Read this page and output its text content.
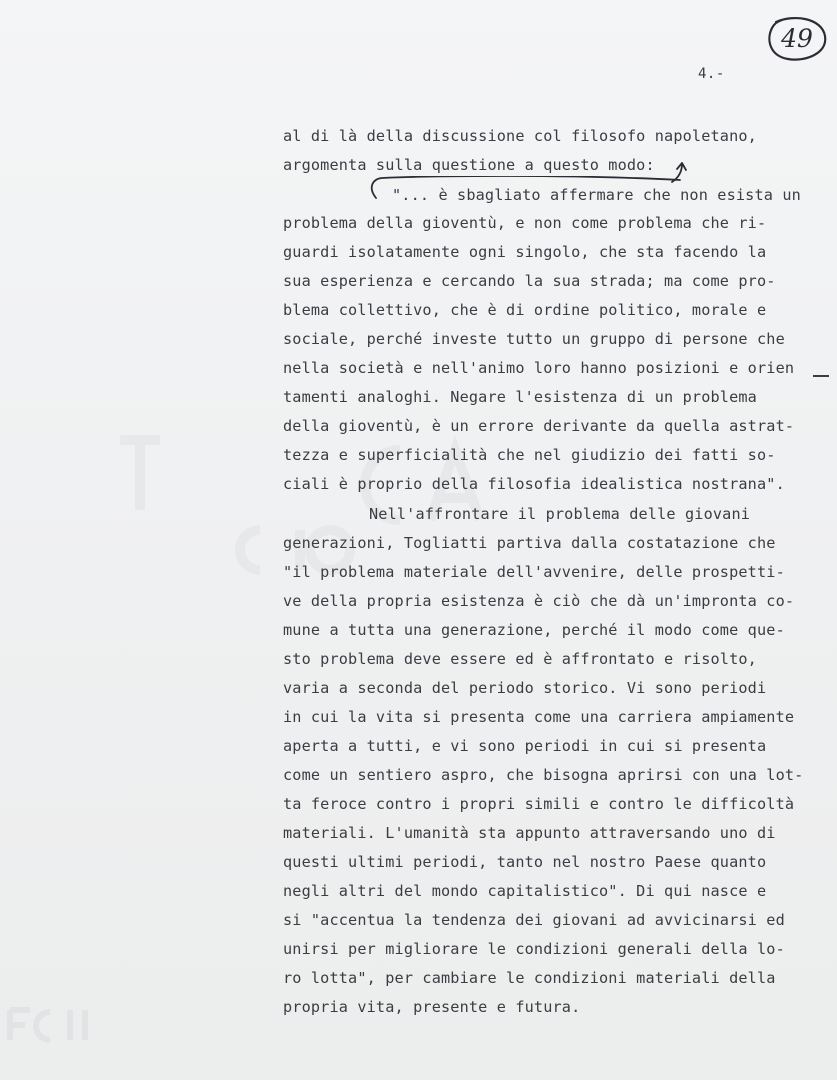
49
4.-
al di là della discussione col filosofo napoletano,
argomenta sulla questione a questo modo:
"... è sbagliato affermare che non esista un
problema della gioventù, e non come problema che ri-
guardi isolatamente ogni singolo, che sta facendo la
sua esperienza e cercando la sua strada; ma come pro-
blema collettivo, che è di ordine politico, morale e
sociale, perché investe tutto un gruppo di persone che
nella società e nell'animo loro hanno posizioni e orien
tamenti analoghi. Negare l'esistenza di un problema
della gioventù, è un errore derivante da quella astrat-
tezza e superficialità che nel giudizio dei fatti so-
ciali è proprio della filosofia idealistica nostrana".
Nell'affrontare il problema delle giovani
generazioni, Togliatti partiva dalla costatazione che
"il problema materiale dell'avvenire, delle prospetti-
ve della propria esistenza è ciò che dà un'impronta co-
mune a tutta una generazione, perché il modo come que-
sto problema deve essere ed è affrontato e risolto,
varia a seconda del periodo storico. Vi sono periodi
in cui la vita si presenta come una carriera ampiamente
aperta a tutti, e vi sono periodi in cui si presenta
come un sentiero aspro, che bisogna aprirsi con una lot-
ta feroce contro i propri simili e contro le difficoltà
materiali. L'umanità sta appunto attraversando uno di
questi ultimi periodi, tanto nel nostro Paese quanto
negli altri del mondo capitalistico". Di qui nasce e
si "accentua la tendenza dei giovani ad avvicinarsi ed
unirsi per migliorare le condizioni generali della lo-
ro lotta", per cambiare le condizioni materiali della
propria vita, presente e futura.
